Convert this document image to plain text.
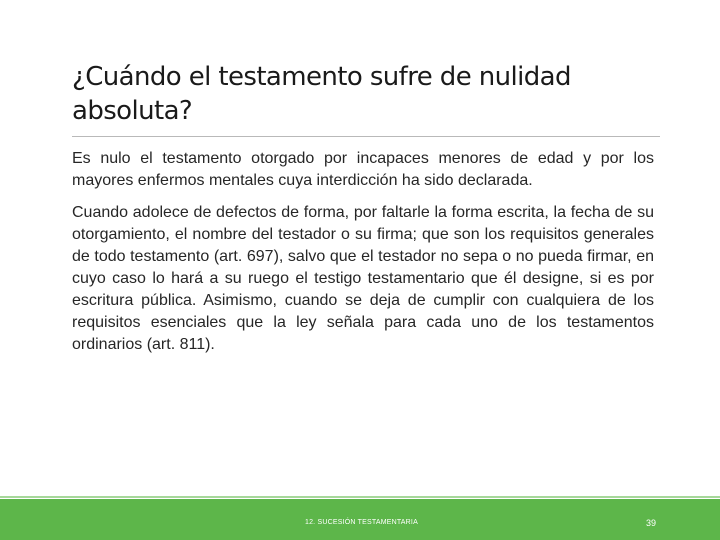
¿Cuándo el testamento sufre de nulidad absoluta?

Es nulo el testamento otorgado por incapaces menores de edad y por los mayores enfermos mentales cuya interdicción ha sido declarada.

Cuando adolece de defectos de forma, por faltarle la forma escrita, la fecha de su otorgamiento, el nombre del testador o su firma; que son los requisitos generales de todo testamento (art. 697), salvo que el testador no sepa o no pueda firmar, en cuyo caso lo hará a su ruego el testigo testamentario que él designe, si es por escritura pública. Asimismo, cuando se deja de cumplir con cualquiera de los requisitos esenciales que la ley señala para cada uno de los testamentos ordinarios (art. 811).

12. SUCESIÓN TESTAMENTARIA	39
